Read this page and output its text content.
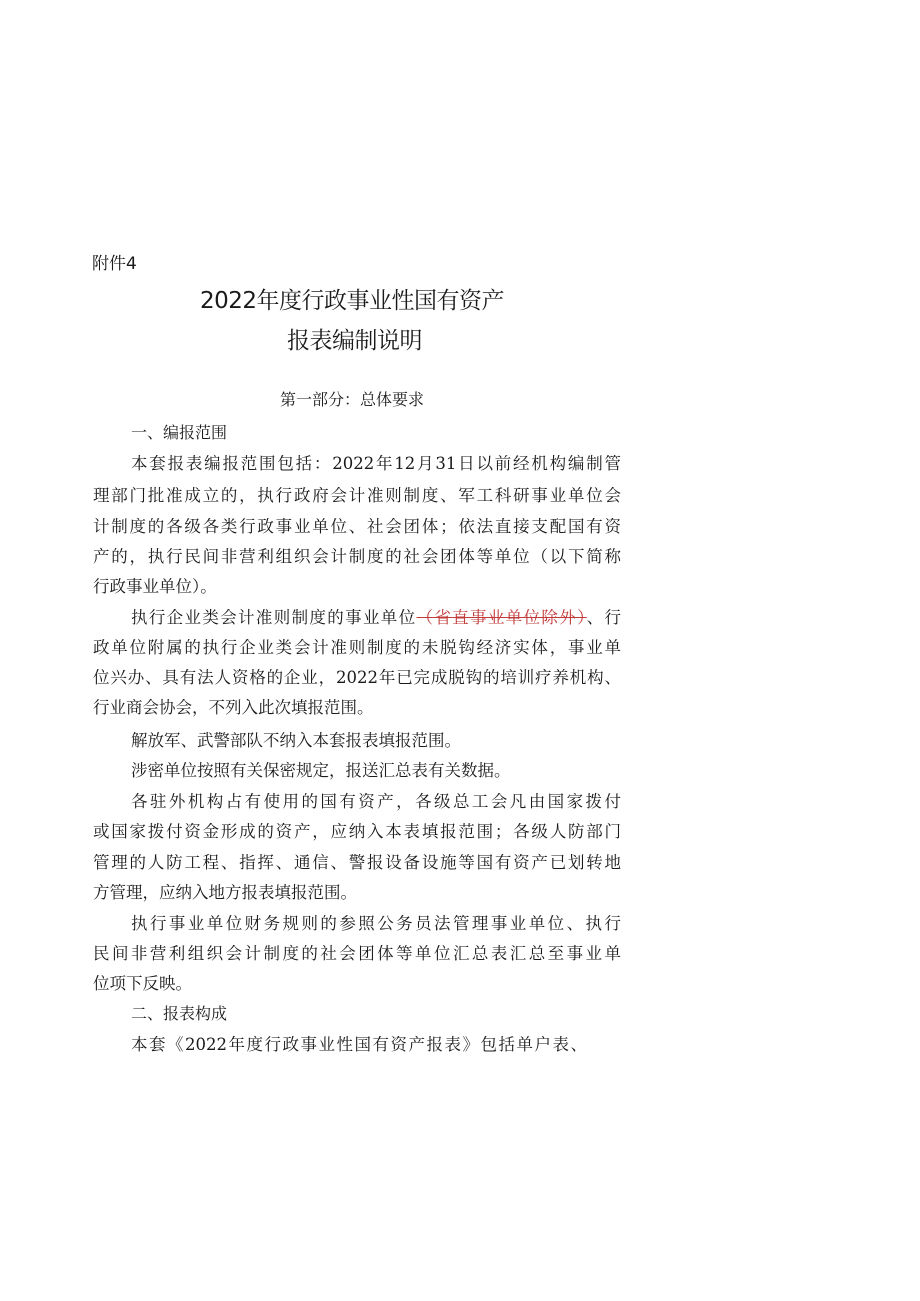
附件4
2022年度行政事业性国有资产
报表编制说明
第一部分：总体要求
一、编报范围
本套报表编报范围包括：2022年12月31日以前经机构编制管
理部门批准成立的，执行政府会计准则制度、军工科研事业单位会
计制度的各级各类行政事业单位、社会团体；依法直接支配国有资
产的，执行民间非营利组织会计制度的社会团体等单位（以下简称
行政事业单位）。
执行企业类会计准则制度的事业单位（省直事业单位除外）、行
政单位附属的执行企业类会计准则制度的未脱钩经济实体，事业单
位兴办、具有法人资格的企业，2022年已完成脱钩的培训疗养机构、
行业商会协会，不列入此次填报范围。
解放军、武警部队不纳入本套报表填报范围。
涉密单位按照有关保密规定，报送汇总表有关数据。
各驻外机构占有使用的国有资产，各级总工会凡由国家拨付
或国家拨付资金形成的资产，应纳入本表填报范围；各级人防部门
管理的人防工程、指挥、通信、警报设备设施等国有资产已划转地
方管理，应纳入地方报表填报范围。
执行事业单位财务规则的参照公务员法管理事业单位、执行
民间非营利组织会计制度的社会团体等单位汇总表汇总至事业单
位项下反映。
二、报表构成
本套《2022年度行政事业性国有资产报表》包括单户表、
